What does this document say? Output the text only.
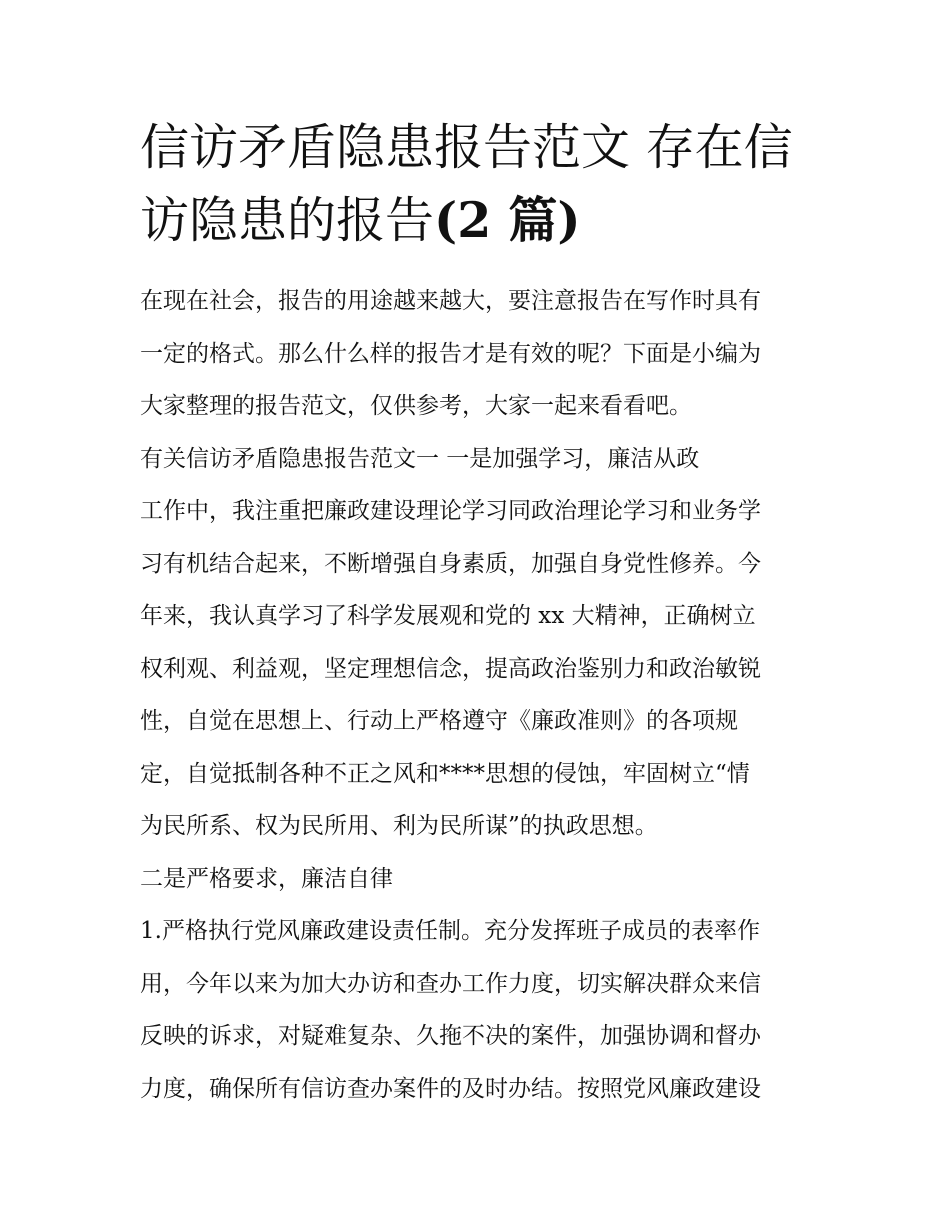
信访矛盾隐患报告范文 存在信
访隐患的报告(2 篇)
在现在社会，报告的用途越来越大，要注意报告在写作时具有
一定的格式。那么什么样的报告才是有效的呢？下面是小编为
大家整理的报告范文，仅供参考，大家一起来看看吧。
有关信访矛盾隐患报告范文一 一是加强学习，廉洁从政
工作中，我注重把廉政建设理论学习同政治理论学习和业务学
习有机结合起来，不断增强自身素质，加强自身党性修养。今
年来，我认真学习了科学发展观和党的 xx 大精神，正确树立
权利观、利益观，坚定理想信念，提高政治鉴别力和政治敏锐
性，自觉在思想上、行动上严格遵守《廉政准则》的各项规
定，自觉抵制各种不正之风和****思想的侵蚀，牢固树立“情
为民所系、权为民所用、利为民所谋”的执政思想。
二是严格要求，廉洁自律
1.严格执行党风廉政建设责任制。充分发挥班子成员的表率作
用，今年以来为加大办访和查办工作力度，切实解决群众来信
反映的诉求，对疑难复杂、久拖不决的案件，加强协调和督办
力度，确保所有信访查办案件的及时办结。按照党风廉政建设
